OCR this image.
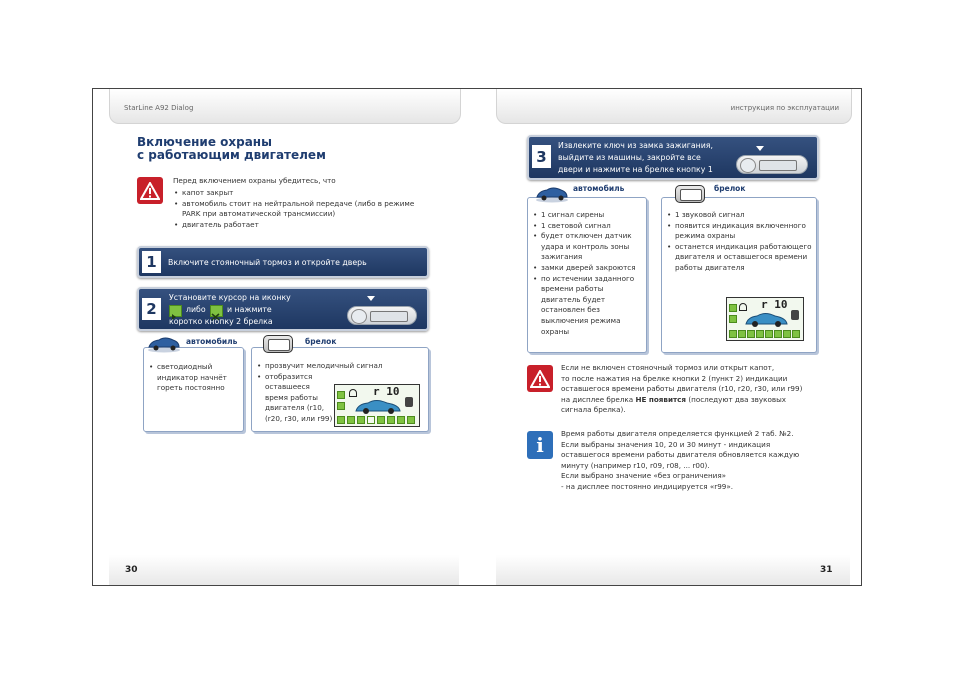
StarLine A92 Dialog	инструкция по эксплуатации
Включение охраны
с работающим двигателем
Перед включением охраны убедитесь, что
• капот закрыт
• автомобиль стоит на нейтральной передаче (либо в режиме PARK при автоматической трансмиссии)
• двигатель работает
1	Включите стояночный тормоз и откройте дверь
2
Установите курсор на иконку
либо	и нажмите
коротко кнопку 2 брелка
• светодиодный индикатор начнёт гореть постоянно
автомобиль
• прозвучит мелодичный сигнал
• отобразится оставшееся время работы двигателя (r10, (r20, r30, или r99)
r 10
брелок
30
3
Извлеките ключ из замка зажигания,
выйдите из машины, закройте все
двери и нажмите на брелке кнопку 1
• 1 сигнал сирены
• 1 световой сигнал
• будет отключен датчик удара и контроль зоны зажигания
• замки дверей закроются
• по истечении заданного времени работы двигатель будет остановлен без выключения режима охраны
автомобиль
• 1 звуковой сигнал
• появится индикация включенного режима охраны
• останется индикация работающего двигателя и оставшегося времени работы двигателя
r 10
брелок
Если не включен стояночный тормоз или открыт капот,
то после нажатия на брелке кнопки 2 (пункт 2) индикации
оставшегося времени работы двигателя (r10, r20, r30, или r99)
на дисплее брелка НЕ появится (последуют два звуковых
сигнала брелка).
i	Время работы двигателя определяется функцией 2 таб. №2.
Если выбраны значения 10, 20 и 30 минут - индикация
оставшегося времени работы двигателя обновляется каждую
минуту (например r10, r09, r08, ... r00).
Если выбрано значение «без ограничения»
- на дисплее постоянно индицируется «r99».
31
